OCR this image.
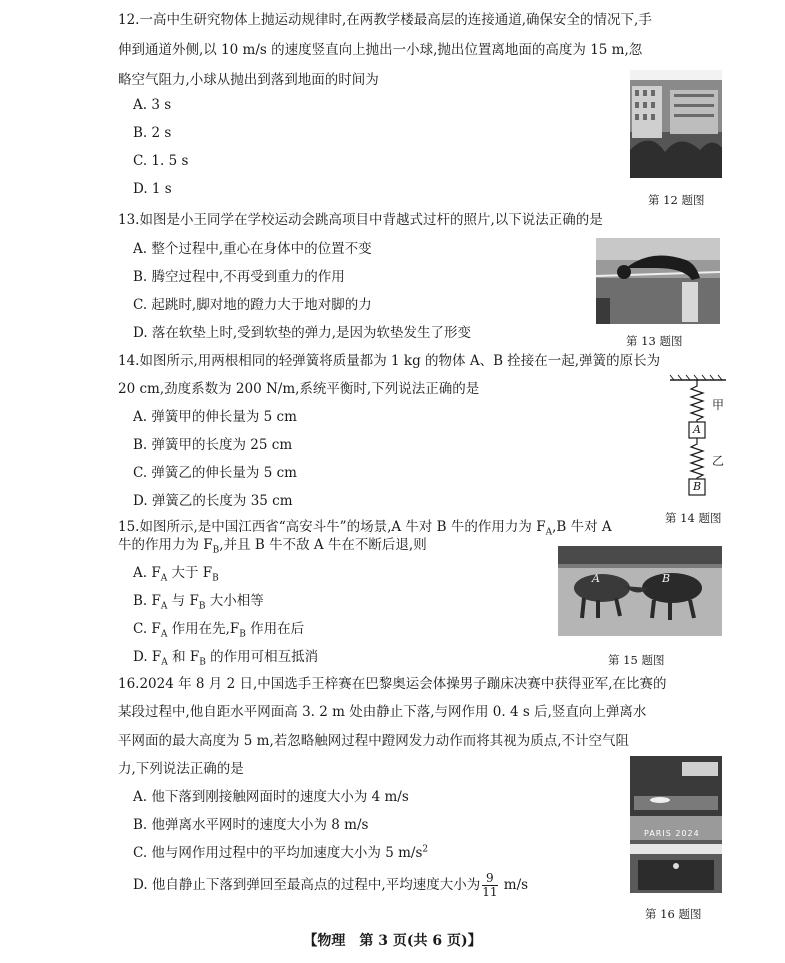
12.一高中生研究物体上抛运动规律时,在两教学楼最高层的连接通道,确保安全的情况下,手
伸到通道外侧,以 10 m/s 的速度竖直向上抛出一小球,抛出位置离地面的高度为 15 m,忽
略空气阻力,小球从抛出到落到地面的时间为
A. 3 s
B. 2 s
C. 1. 5 s
D. 1 s
第 12 题图
13.如图是小王同学在学校运动会跳高项目中背越式过杆的照片,以下说法正确的是
A. 整个过程中,重心在身体中的位置不变
B. 腾空过程中,不再受到重力的作用
C. 起跳时,脚对地的蹬力大于地对脚的力
D. 落在软垫上时,受到软垫的弹力,是因为软垫发生了形变	第 13 题图
14.如图所示,用两根相同的轻弹簧将质量都为 1 kg 的物体 A、B 拴接在一起,弹簧的原长为
20 cm,劲度系数为 200 N/m,系统平衡时,下列说法正确的是
A. 弹簧甲的伸长量为 5 cm
B. 弹簧甲的长度为 25 cm
C. 弹簧乙的伸长量为 5 cm
D. 弹簧乙的长度为 35 cm
甲
A
乙
B
第 14 题图
15.如图所示,是中国江西省“高安斗牛”的场景,A 牛对 B 牛的作用力为 $F_A,B$ 牛对 A
牛的作用力为 $F_B$,并且 B 牛不敌 A 牛在不断后退,则
A. $F_A$ 大于 $F_B$
B. $F_A$ 与 $F_B$ 大小相等
C. $F_A$ 作用在先$,F_B$ 作用在后
D. $F_A$ 和 $F_B$ 的作用可相互抵消
A	B
第 15 题图
16.2024 年 8 月 2 日,中国选手王梓赛在巴黎奥运会体操男子蹦床决赛中获得亚军,在比赛的
某段过程中,他自距水平网面高 3. 2 m 处由静止下落,与网作用 0. 4 s 后,竖直向上弹离水
平网面的最大高度为 5 m,若忽略触网过程中蹬网发力动作而将其视为质点,不计空气阻
力,下列说法正确的是
A. 他下落到刚接触网面时的速度大小为 4 m/s
B. 他弹离水平网时的速度大小为 8 m/s
C. 他与网作用过程中的平均加速度大小为 5 $m/s^2$
D. 他自静止下落到弹回至最高点的过程中,平均速度大小为 $\frac{9}{11} m/s$
PARIS 2024
第 16 题图
【物理　第 3 页(共 6 页)】
